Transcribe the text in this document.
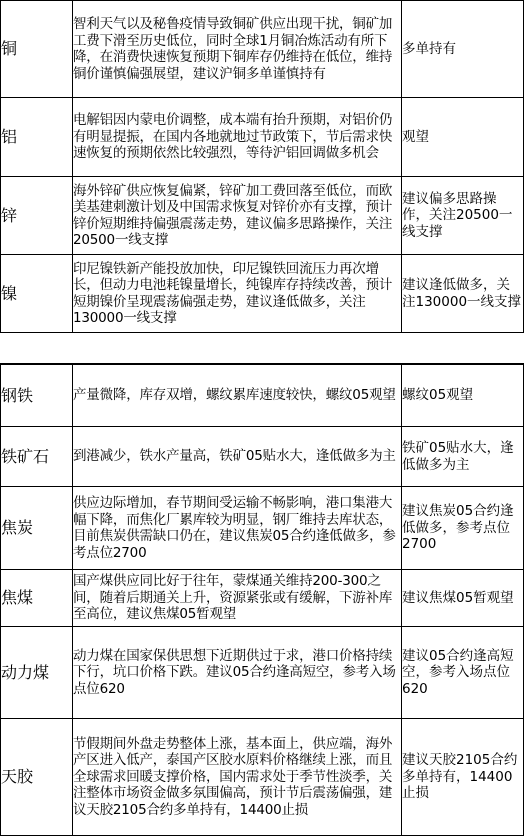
铜	智利天气以及秘鲁疫情导致铜矿供应出现干扰，铜矿加工费下滑至历史低位，同时全球1月铜冶炼活动有所下降，在消费快速恢复预期下铜库存仍维持在低位，维持铜价谨慎偏强展望，建议沪铜多单谨慎持有	多单持有
铝	电解铝因内蒙电价调整，成本端有抬升预期，对铝价仍有明显提振，在国内各地就地过节政策下，节后需求快速恢复的预期依然比较强烈，等待沪铝回调做多机会	观望
锌	海外锌矿供应恢复偏紧，锌矿加工费回落至低位，而欧美基建刺激计划及中国需求恢复对锌价亦有支撑，预计锌价短期维持偏强震荡走势，建议偏多思路操作，关注20500一线支撑	建议偏多思路操作，关注20500一线支撑
镍	印尼镍铁新产能投放加快，印尼镍铁回流压力再次增长，但动力电池耗镍量增长，纯镍库存持续改善，预计短期镍价呈现震荡偏强走势，建议逢低做多，关注130000一线支撑	建议逢低做多，关注130000一线支撑
钢铁	产量微降，库存双增，螺纹累库速度较快，螺纹05观望	螺纹05观望
铁矿石	到港减少，铁水产量高，铁矿05贴水大，逢低做多为主	铁矿05贴水大，逢低做多为主
焦炭	供应边际增加，春节期间受运输不畅影响，港口集港大幅下降，而焦化厂累库较为明显，钢厂维持去库状态，目前焦炭供需缺口仍在，建议焦炭05合约逢低做多，参考点位2700	建议焦炭05合约逢低做多，参考点位2700
焦煤	国产煤供应同比好于往年，蒙煤通关维持200-300之间，随着后期通关上升，资源紧张或有缓解，下游补库至高位，建议焦煤05暂观望	建议焦煤05暂观望
动力煤	动力煤在国家保供思想下近期供过于求，港口价格持续下行，坑口价格下跌。建议05合约逢高短空，参考入场点位620	建议05合约逢高短空，参考入场点位620
天胶	节假期间外盘走势整体上涨，基本面上，供应端，海外产区进入低产，泰国产区胶水原料价格继续上涨，而且全球需求回暖支撑价格，国内需求处于季节性淡季，关注整体市场资金做多氛围偏高，预计节后震荡偏强，建议天胶2105合约多单持有，14400止损	建议天胶2105合约多单持有，14400止损
